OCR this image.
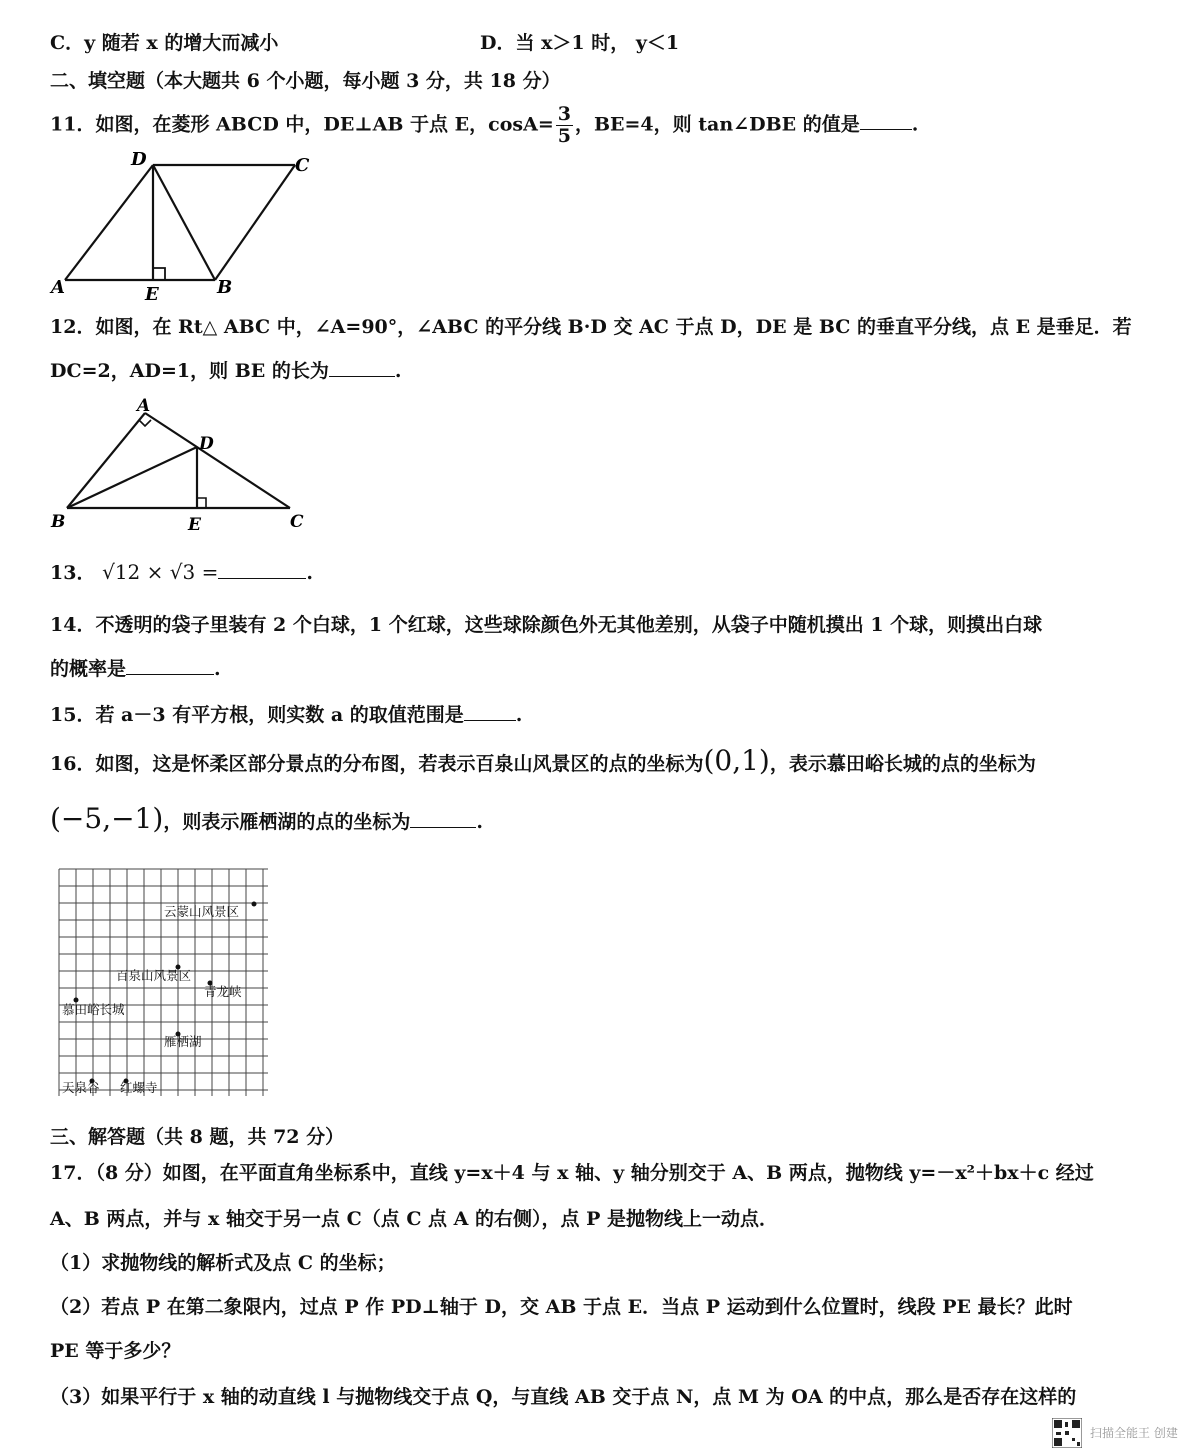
C．y 随若 x 的增大而减小	D．当 x＞1 时， y＜1
二、填空题（本大题共 6 个小题，每小题 3 分，共 18 分）
11．如图，在菱形 ABCD 中，DE⊥AB 于点 E，$\cos A= \frac{3}{5}$ ，BE=4，则 tan∠DBE 的值是	.
D	C
A	E	B
12．如图，在 Rt△ ABC 中，∠A=90°，∠ABC 的平分线 B·D 交 AC 于点 D，DE 是 BC 的垂直平分线，点 E 是垂足．若
DC=2，AD=1，则 BE 的长为	.
A
D
B	E	C
13． √12 × √3 =	.
14．不透明的袋子里装有 2 个白球，1 个红球，这些球除颜色外无其他差别，从袋子中随机摸出 1 个球，则摸出白球
的概率是	.
15．若 a－3 有平方根，则实数 a 的取值范围是	.
16．如图，这是怀柔区部分景点的分布图，若表示百泉山风景区的点的坐标为(0,1)，表示慕田峪长城的点的坐标为
(−5,−1)，则表示雁栖湖的点的坐标为	.
云蒙山风景区
百泉山风景区
青龙峡
慕田峪长城
雁栖湖
天泉谷 红螺寺
三、解答题（共 8 题，共 72 分）
17．（8 分）如图，在平面直角坐标系中，直线 y=x＋4 与 x 轴、y 轴分别交于 A、B 两点，抛物线 y=－x²＋bx＋c 经过
A、B 两点，并与 x 轴交于另一点 C（点 C 点 A 的右侧），点 P 是抛物线上一动点．
（1）求抛物线的解析式及点 C 的坐标；
（2）若点 P 在第二象限内，过点 P 作 PD⊥轴于 D，交 AB 于点 E．当点 P 运动到什么位置时，线段 PE 最长？此时
PE 等于多少？
（3）如果平行于 x 轴的动直线 l 与抛物线交于点 Q，与直线 AB 交于点 N，点 M 为 OA 的中点，那么是否存在这样的
扫描全能王 创建
